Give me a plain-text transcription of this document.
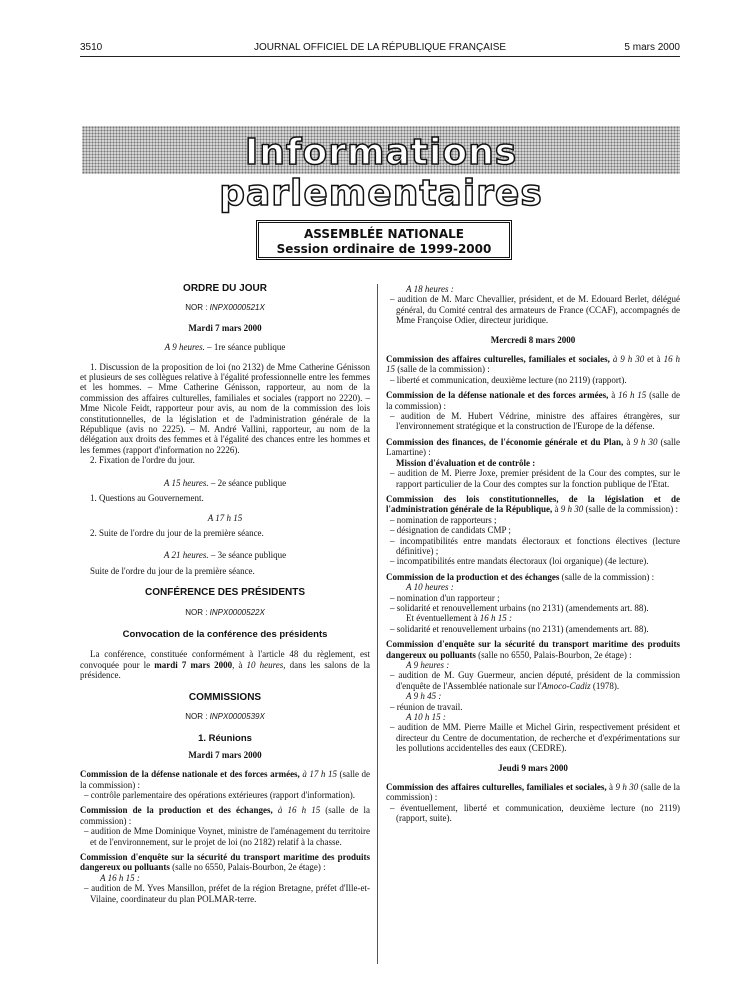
3510	JOURNAL OFFICIEL DE LA RÉPUBLIQUE FRANÇAISE	5 mars 2000
Informations parlementaires
ASSEMBLÉE NATIONALE
Session ordinaire de 1999-2000

ORDRE DU JOUR

NOR : INPX0000521X

Mardi 7 mars 2000

A 9 heures. – 1re séance publique

1. Discussion de la proposition de loi (no 2132) de Mme Catherine Génisson et plusieurs de ses collègues relative à l'égalité professionnelle entre les femmes et les hommes. – Mme Catherine Génisson, rapporteur, au nom de la commission des affaires culturelles, familiales et sociales (rapport no 2220). – Mme Nicole Feidt, rapporteur pour avis, au nom de la commission des lois constitutionnelles, de la législation et de l'administration générale de la République (avis no 2225). – M. André Vallini, rapporteur, au nom de la délégation aux droits des femmes et à l'égalité des chances entre les hommes et les femmes (rapport d'information no 2226).

2. Fixation de l'ordre du jour.

A 15 heures. – 2e séance publique

1. Questions au Gouvernement.

A 17 h 15

2. Suite de l'ordre du jour de la première séance.

A 21 heures. – 3e séance publique

Suite de l'ordre du jour de la première séance.

CONFÉRENCE DES PRÉSIDENTS

NOR : INPX0000522X

Convocation de la conférence des présidents

La conférence, constituée conformément à l'article 48 du règlement, est convoquée pour le mardi 7 mars 2000, à 10 heures, dans les salons de la présidence.

COMMISSIONS

NOR : INPX0000539X

1. Réunions

Mardi 7 mars 2000

Commission de la défense nationale et des forces armées, à 17 h 15 (salle de la commission) :

– contrôle parlementaire des opérations extérieures (rapport d'information).

Commission de la production et des échanges, à 16 h 15 (salle de la commission) :

– audition de Mme Dominique Voynet, ministre de l'aménagement du territoire et de l'environnement, sur le projet de loi (no 2182) relatif à la chasse.

Commission d'enquête sur la sécurité du transport maritime des produits dangereux ou polluants (salle no 6550, Palais-Bourbon, 2e étage) :

A 16 h 15 :

– audition de M. Yves Mansillon, préfet de la région Bretagne, préfet d'Ille-et-Vilaine, coordinateur du plan POLMAR-terre.

A 18 heures :

– audition de M. Marc Chevallier, président, et de M. Edouard Berlet, délégué général, du Comité central des armateurs de France (CCAF), accompagnés de Mme Françoise Odier, directeur juridique.

Mercredi 8 mars 2000

Commission des affaires culturelles, familiales et sociales, à 9 h 30 et à 16 h 15 (salle de la commission) :

– liberté et communication, deuxième lecture (no 2119) (rapport).

Commission de la défense nationale et des forces armées, à 16 h 15 (salle de la commission) :

– audition de M. Hubert Védrine, ministre des affaires étrangères, sur l'environnement stratégique et la construction de l'Europe de la défense.

Commission des finances, de l'économie générale et du Plan, à 9 h 30 (salle Lamartine) :

Mission d'évaluation et de contrôle :

– audition de M. Pierre Joxe, premier président de la Cour des comptes, sur le rapport particulier de la Cour des comptes sur la fonction publique de l'Etat.

Commission des lois constitutionnelles, de la législation et de l'administration générale de la République, à 9 h 30 (salle de la commission) :

– nomination de rapporteurs ;

– désignation de candidats CMP ;

– incompatibilités entre mandats électoraux et fonctions électives (lecture définitive) ;

– incompatibilités entre mandats électoraux (loi organique) (4e lecture).

Commission de la production et des échanges (salle de la commission) :

A 10 heures :

– nomination d'un rapporteur ;

– solidarité et renouvellement urbains (no 2131) (amendements art. 88).

Et éventuellement à 16 h 15 :

– solidarité et renouvellement urbains (no 2131) (amendements art. 88).

Commission d'enquête sur la sécurité du transport maritime des produits dangereux ou polluants (salle no 6550, Palais-Bourbon, 2e étage) :

A 9 heures :

– audition de M. Guy Guermeur, ancien député, président de la commission d'enquête de l'Assemblée nationale sur l'Amoco-Cadiz (1978).

A 9 h 45 :

– réunion de travail.

A 10 h 15 :

– audition de MM. Pierre Maille et Michel Girin, respectivement président et directeur du Centre de documentation, de recherche et d'expérimentations sur les pollutions accidentelles des eaux (CEDRE).

Jeudi 9 mars 2000

Commission des affaires culturelles, familiales et sociales, à 9 h 30 (salle de la commission) :

– éventuellement, liberté et communication, deuxième lecture (no 2119) (rapport, suite).
